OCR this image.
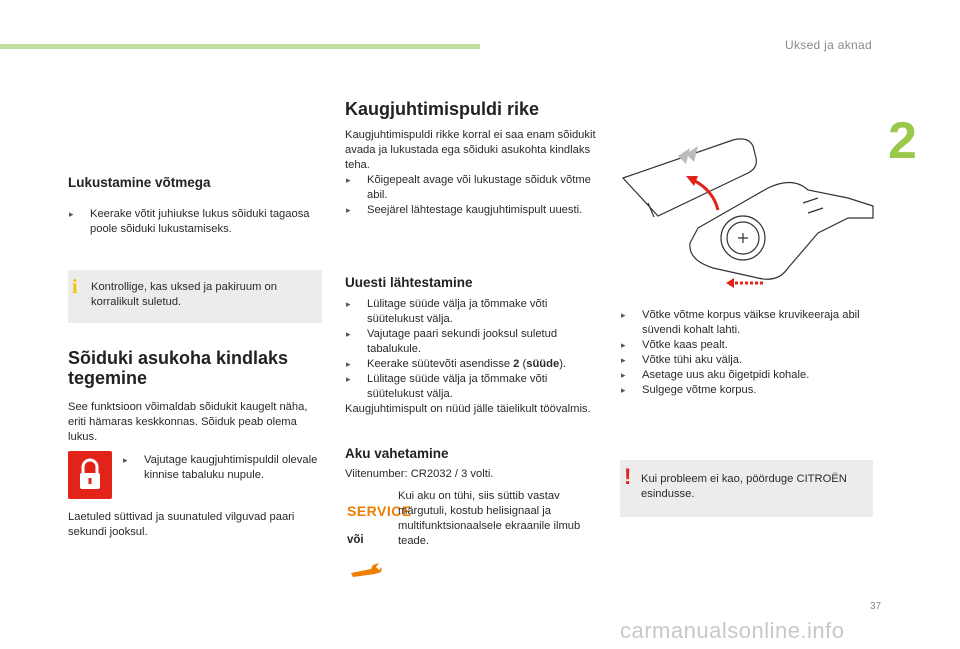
Uksed ja aknad
2
Lukustamine võtmega
▸ Keerake võtit juhiukse lukus sõiduki tagaosa poole sõiduki lukustamiseks.
i Kontrollige, kas uksed ja pakiruum on korralikult suletud.
Sõiduki asukoha kindlaks tegemine
See funktsioon võimaldab sõidukit kaugelt näha, eriti hämaras keskkonnas. Sõiduk peab olema lukus.
▸ Vajutage kaugjuhtimispuldil olevale kinnise tabaluku nupule.
Laetuled süttivad ja suunatuled vilguvad paari sekundi jooksul.
Kaugjuhtimispuldi rike
Kaugjuhtimispuldi rikke korral ei saa enam sõidukit avada ja lukustada ega sõiduki asukohta kindlaks teha.
▸ Kõigepealt avage või lukustage sõiduk võtme abil.
▸ Seejärel lähtestage kaugjuhtimispult uuesti.
Uuesti lähtestamine
▸ Lülitage süüde välja ja tõmmake võti süütelukust välja.
▸ Vajutage paari sekundi jooksul suletud tabalukule.
▸ Keerake süütevõti asendisse 2 (süüde).
▸ Lülitage süüde välja ja tõmmake võti süütelukust välja.
Kaugjuhtimispult on nüüd jälle täielikult töövalmis.
Aku vahetamine
Viitenumber: CR2032 / 3 volti.
SERVICE
või
Kui aku on tühi, siis süttib vastav märgutuli, kostub helisignaal ja multifunktsionaalsele ekraanile ilmub teade.
▸ Võtke võtme korpus väikse kruvikeeraja abil süvendi kohalt lahti.
▸ Võtke kaas pealt.
▸ Võtke tühi aku välja.
▸ Asetage uus aku õigetpidi kohale.
▸ Sulgege võtme korpus.
! Kui probleem ei kao, pöörduge CITROËN esindusse.
37
carmanualsonline.info
